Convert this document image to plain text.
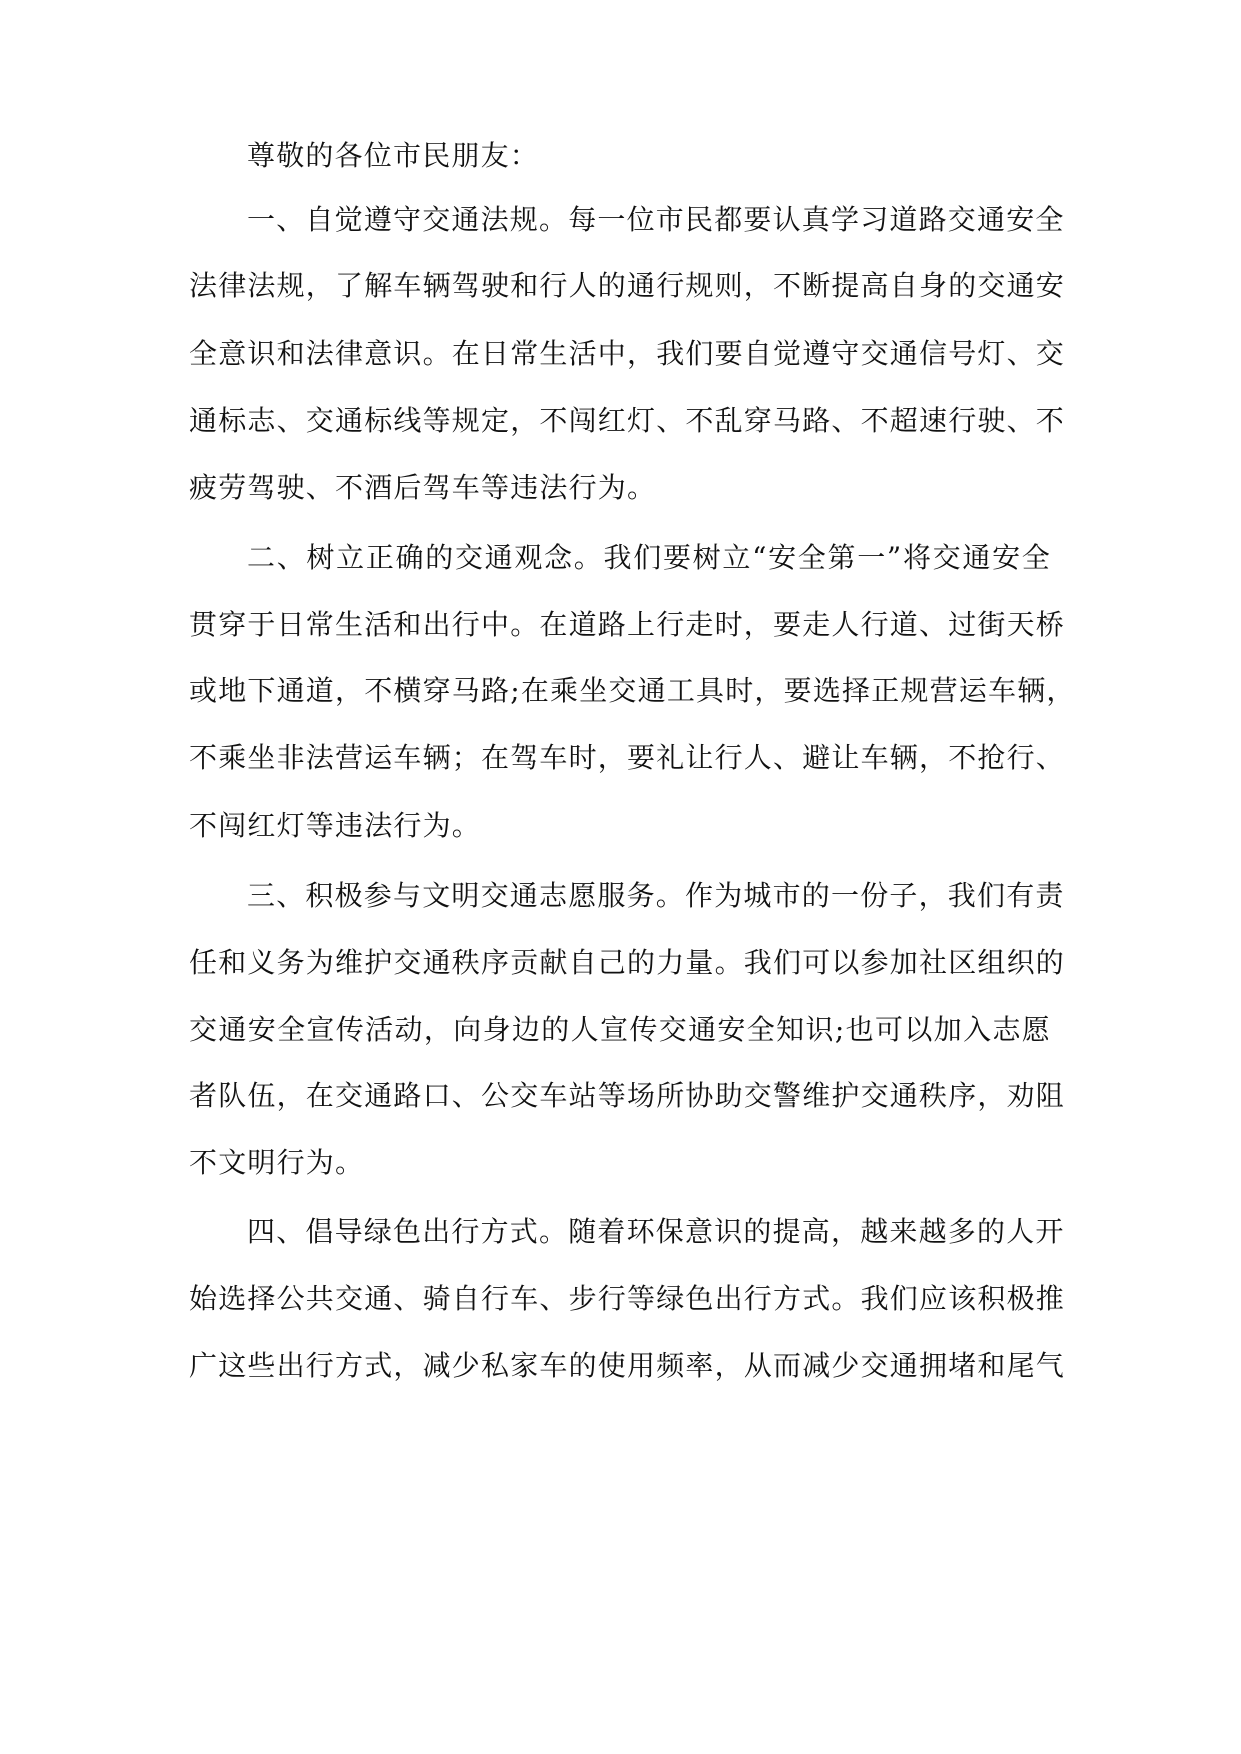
尊敬的各位市民朋友：

一、自觉遵守交通法规。每一位市民都要认真学习道路交通安全

法律法规，了解车辆驾驶和行人的通行规则，不断提高自身的交通安

全意识和法律意识。在日常生活中，我们要自觉遵守交通信号灯、交

通标志、交通标线等规定，不闯红灯、不乱穿马路、不超速行驶、不

疲劳驾驶、不酒后驾车等违法行为。

二、树立正确的交通观念。我们要树立“安全第一”将交通安全

贯穿于日常生活和出行中。在道路上行走时，要走人行道、过街天桥

或地下通道，不横穿马路;在乘坐交通工具时，要选择正规营运车辆，

不乘坐非法营运车辆；在驾车时，要礼让行人、避让车辆，不抢行、

不闯红灯等违法行为。

三、积极参与文明交通志愿服务。作为城市的一份子，我们有责

任和义务为维护交通秩序贡献自己的力量。我们可以参加社区组织的

交通安全宣传活动，向身边的人宣传交通安全知识;也可以加入志愿

者队伍，在交通路口、公交车站等场所协助交警维护交通秩序，劝阻

不文明行为。

四、倡导绿色出行方式。随着环保意识的提高，越来越多的人开

始选择公共交通、骑自行车、步行等绿色出行方式。我们应该积极推

广这些出行方式，减少私家车的使用频率，从而减少交通拥堵和尾气
